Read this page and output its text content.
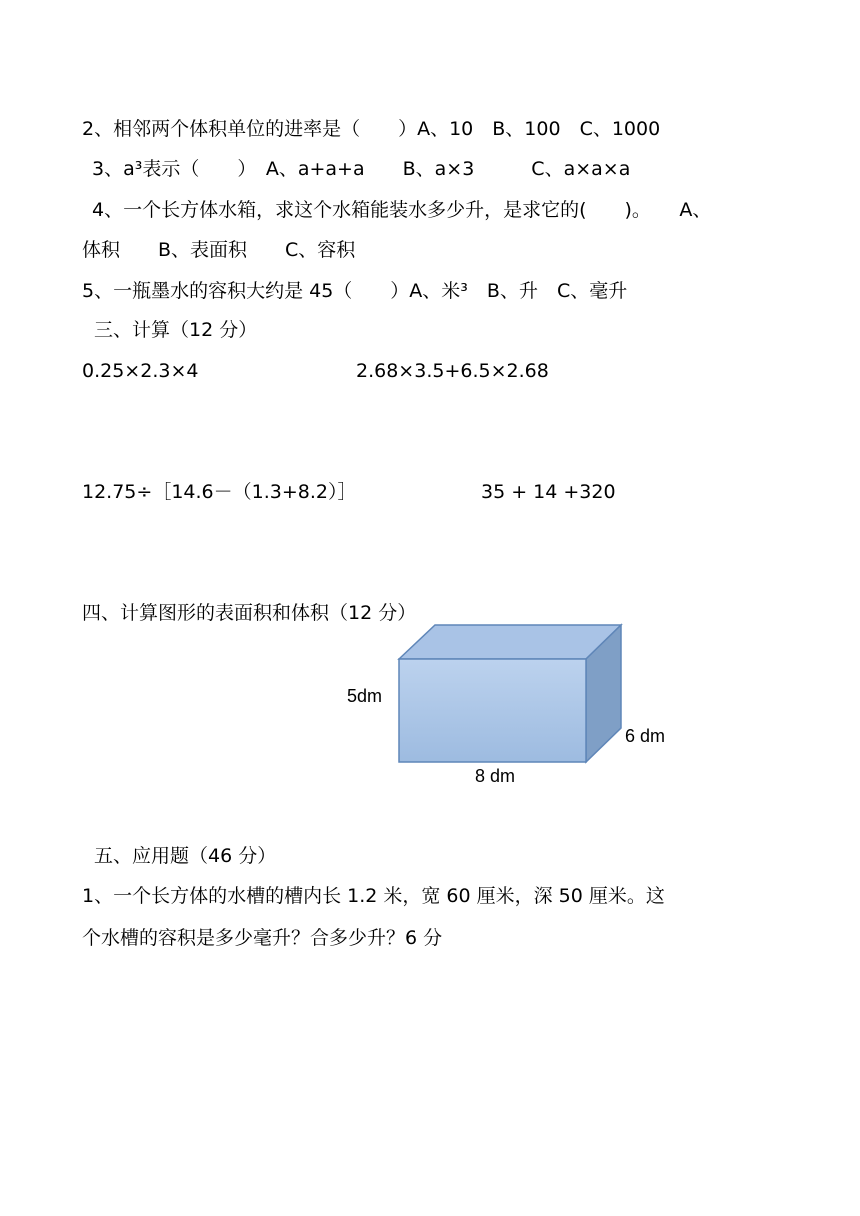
2、相邻两个体积单位的进率是（　　）A、10　B、100　C、1000
3、a³表示（　　）　A、a+a+a　　B、a×3　　　C、a×a×a
4、一个长方体水箱，求这个水箱能装水多少升，是求它的(　　)。　　A、
体积　　B、表面积　　C、容积
5、一瓶墨水的容积大约是 45（　　）A、米³　B、升　C、毫升
三、计算（12 分）
0.25×2.3×4	2.68×3.5+6.5×2.68
12.75÷［14.6－（1.3+8.2）］	35 + 14 +320
四、计算图形的表面积和体积（12 分）
5dm
6 dm
8 dm
五、应用题（46 分）
1、一个长方体的水槽的槽内长 1.2 米，宽 60 厘米，深 50 厘米。这
个水槽的容积是多少毫升？合多少升？6 分
